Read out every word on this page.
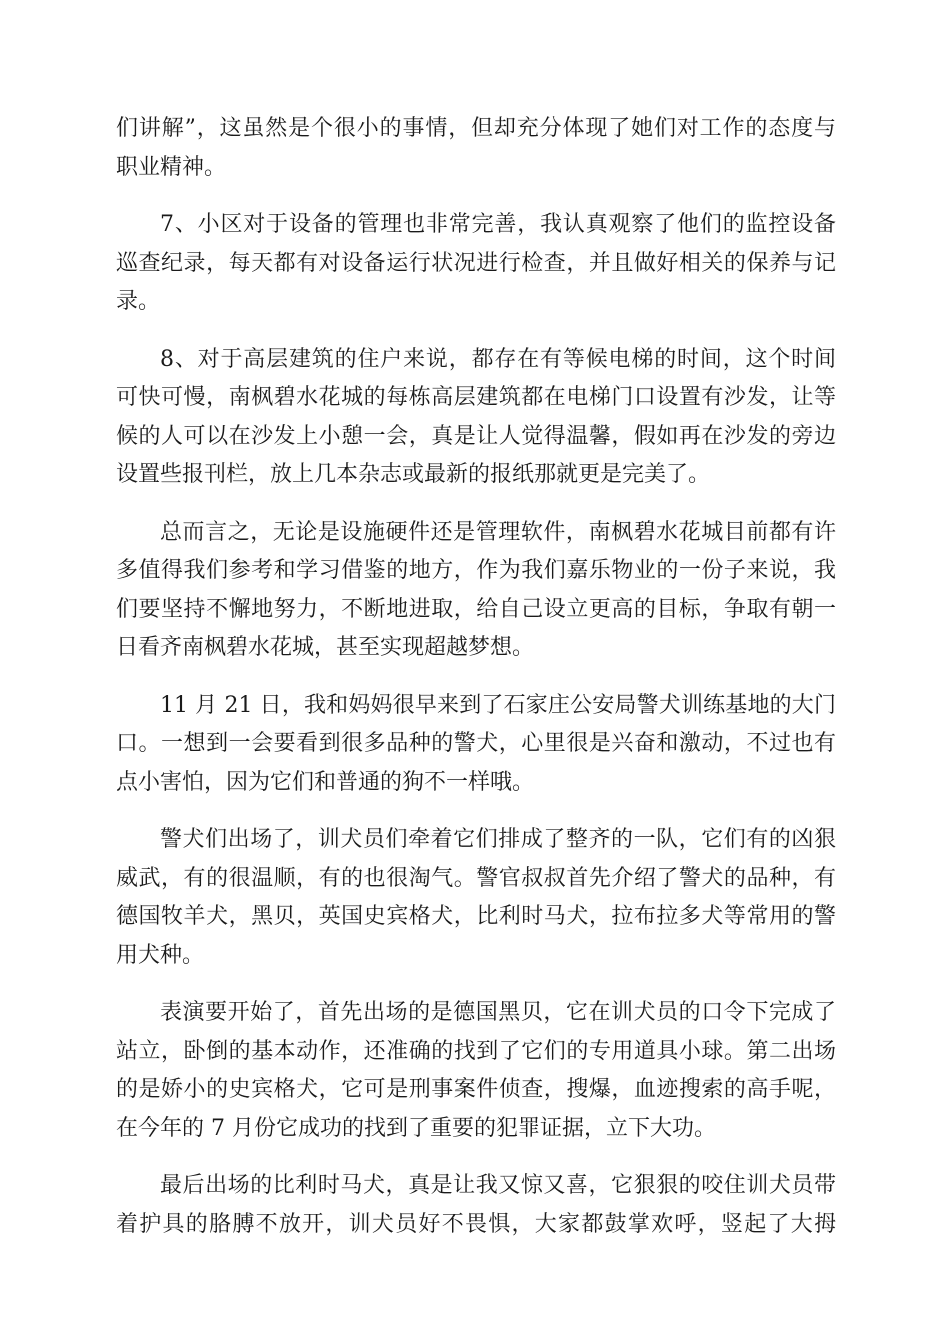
们讲解”，这虽然是个很小的事情，但却充分体现了她们对工作的态度与
职业精神。
7、小区对于设备的管理也非常完善，我认真观察了他们的监控设备
巡查纪录，每天都有对设备运行状况进行检查，并且做好相关的保养与记
录。
8、对于高层建筑的住户来说，都存在有等候电梯的时间，这个时间
可快可慢，南枫碧水花城的每栋高层建筑都在电梯门口设置有沙发，让等
候的人可以在沙发上小憩一会，真是让人觉得温馨，假如再在沙发的旁边
设置些报刊栏，放上几本杂志或最新的报纸那就更是完美了。
总而言之，无论是设施硬件还是管理软件，南枫碧水花城目前都有许
多值得我们参考和学习借鉴的地方，作为我们嘉乐物业的一份子来说，我
们要坚持不懈地努力，不断地进取，给自己设立更高的目标，争取有朝一
日看齐南枫碧水花城，甚至实现超越梦想。
11 月 21 日，我和妈妈很早来到了石家庄公安局警犬训练基地的大门
口。一想到一会要看到很多品种的警犬，心里很是兴奋和激动，不过也有
点小害怕，因为它们和普通的狗不一样哦。
警犬们出场了，训犬员们牵着它们排成了整齐的一队，它们有的凶狠
威武，有的很温顺，有的也很淘气。警官叔叔首先介绍了警犬的品种，有
德国牧羊犬，黑贝，英国史宾格犬，比利时马犬，拉布拉多犬等常用的警
用犬种。
表演要开始了，首先出场的是德国黑贝，它在训犬员的口令下完成了
站立，卧倒的基本动作，还准确的找到了它们的专用道具小球。第二出场
的是娇小的史宾格犬，它可是刑事案件侦查，搜爆，血迹搜索的高手呢，
在今年的 7 月份它成功的找到了重要的犯罪证据，立下大功。
最后出场的比利时马犬，真是让我又惊又喜，它狠狠的咬住训犬员带
着护具的胳膊不放开，训犬员好不畏惧，大家都鼓掌欢呼，竖起了大拇
